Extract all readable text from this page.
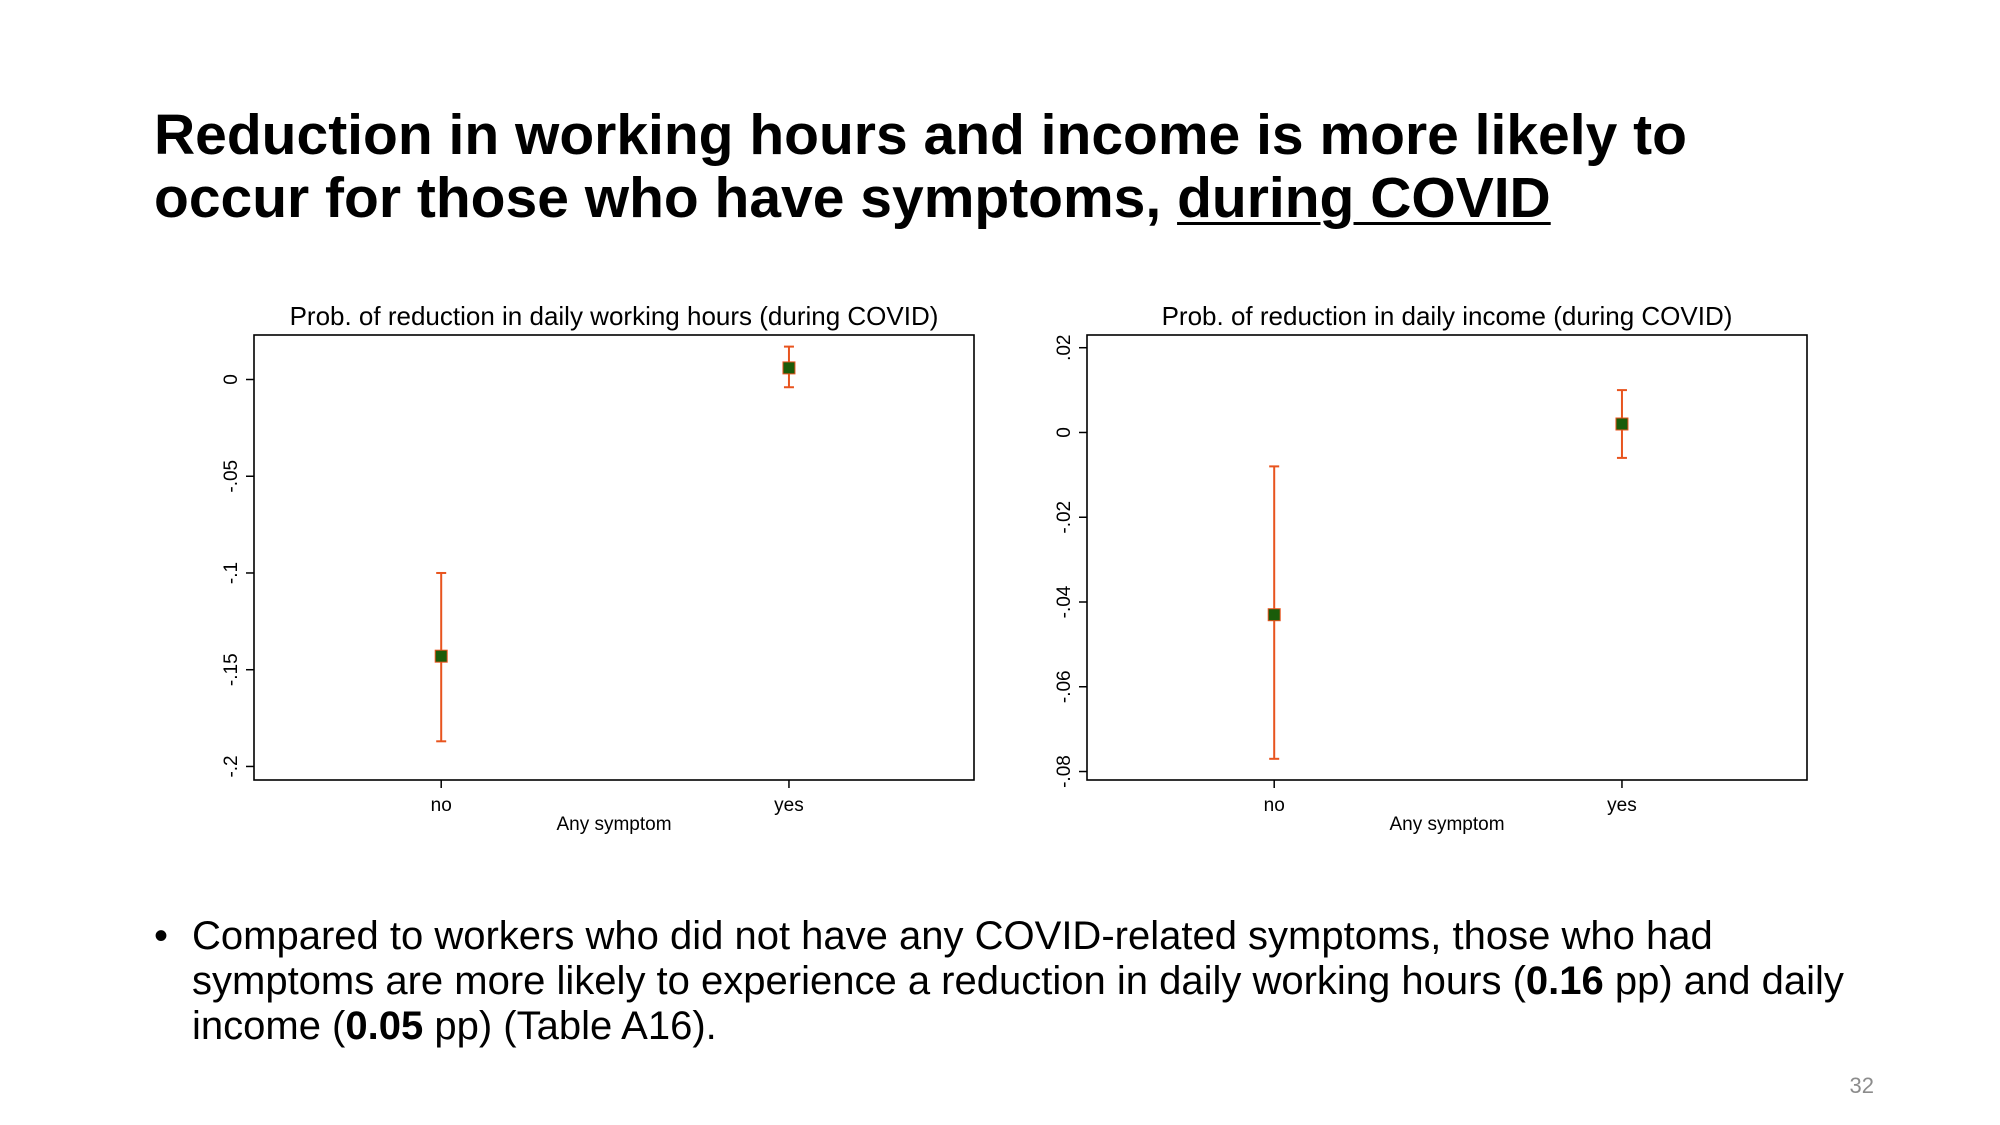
Reduction in working hours and income is more likely to
occur for those who have symptoms, during COVID
Prob. of reduction in daily working hours (during COVID)
0
-.05
-.1
-.15
-.2
no	yes
Any symptom
Prob. of reduction in daily income (during COVID)
.02
0
-.02
-.04
-.06
-.08
no	yes
Any symptom
• Compared to workers who did not have any COVID-related symptoms, those who had symptoms are more likely to experience a reduction in daily working hours (0.16 pp) and daily income (0.05 pp) (Table A16).
32
